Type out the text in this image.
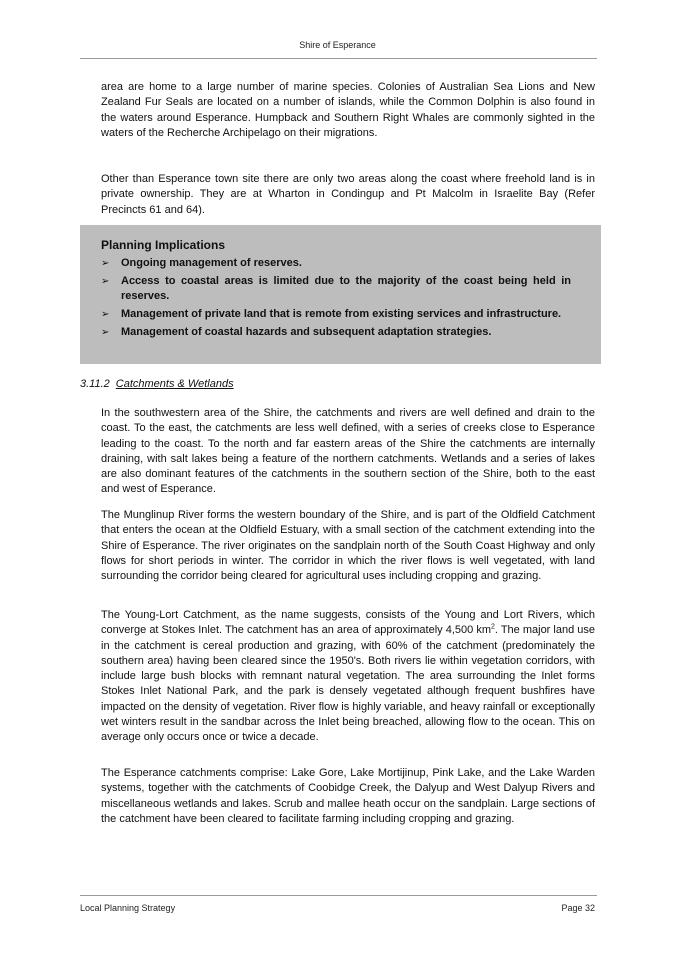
Shire of Esperance

area are home to a large number of marine species. Colonies of Australian Sea Lions and New Zealand Fur Seals are located on a number of islands, while the Common Dolphin is also found in the waters around Esperance. Humpback and Southern Right Whales are commonly sighted in the waters of the Recherche Archipelago on their migrations.

Other than Esperance town site there are only two areas along the coast where freehold land is in private ownership. They are at Wharton in Condingup and Pt Malcolm in Israelite Bay (Refer Precincts 61 and 64).

Planning Implications
➢ Ongoing management of reserves.
➢ Access to coastal areas is limited due to the majority of the coast being held in reserves.
➢ Management of private land that is remote from existing services and infrastructure.
➢ Management of coastal hazards and subsequent adaptation strategies.
3.11.2 Catchments & Wetlands

In the southwestern area of the Shire, the catchments and rivers are well defined and drain to the coast. To the east, the catchments are less well defined, with a series of creeks close to Esperance leading to the coast. To the north and far eastern areas of the Shire the catchments are internally draining, with salt lakes being a feature of the northern catchments. Wetlands and a series of lakes are also dominant features of the catchments in the southern section of the Shire, both to the east and west of Esperance.

The Munglinup River forms the western boundary of the Shire, and is part of the Oldfield Catchment that enters the ocean at the Oldfield Estuary, with a small section of the catchment extending into the Shire of Esperance. The river originates on the sandplain north of the South Coast Highway and only flows for short periods in winter. The corridor in which the river flows is well vegetated, with land surrounding the corridor being cleared for agricultural uses including cropping and grazing.

The Young-Lort Catchment, as the name suggests, consists of the Young and Lort Rivers, which converge at Stokes Inlet. The catchment has an area of approximately 4,500 $km^2$. The major land use in the catchment is cereal production and grazing, with 60% of the catchment (predominately the southern area) having been cleared since the 1950's. Both rivers lie within vegetation corridors, with include large bush blocks with remnant natural vegetation. The area surrounding the Inlet forms Stokes Inlet National Park, and the park is densely vegetated although frequent bushfires have impacted on the density of vegetation. River flow is highly variable, and heavy rainfall or exceptionally wet winters result in the sandbar across the Inlet being breached, allowing flow to the ocean. This on average only occurs once or twice a decade.

The Esperance catchments comprise: Lake Gore, Lake Mortijinup, Pink Lake, and the Lake Warden systems, together with the catchments of Coobidge Creek, the Dalyup and West Dalyup Rivers and miscellaneous wetlands and lakes. Scrub and mallee heath occur on the sandplain. Large sections of the catchment have been cleared to facilitate farming including cropping and grazing.

Local Planning Strategy	Page 32
